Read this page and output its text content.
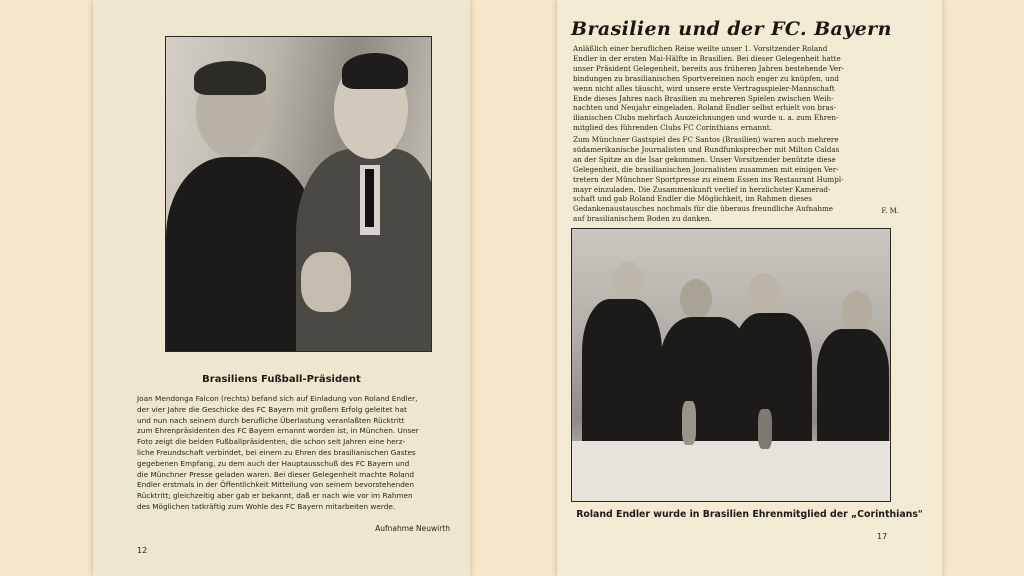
Brasiliens Fußball-Präsident
Joan Mendonga Falcon (rechts) befand sich auf Einladung von Roland Endler,
der vier Jahre die Geschicke des FC Bayern mit großem Erfolg geleitet hat
und nun nach seinem durch berufliche Überlastung veranlaßten Rücktritt
zum Ehrenpräsidenten des FC Bayern ernannt worden ist, in München. Unser
Foto zeigt die beiden Fußballpräsidenten, die schon seit Jahren eine herz-
liche Freundschaft verbindet, bei einem zu Ehren des brasilianischen Gastes
gegebenen Empfang, zu dem auch der Hauptausschuß des FC Bayern und
die Münchner Presse geladen waren. Bei dieser Gelegenheit machte Roland
Endler erstmals in der Öffentlichkeit Mitteilung von seinem bevorstehenden
Rücktritt; gleichzeitig aber gab er bekannt, daß er nach wie vor im Rahmen
des Möglichen tatkräftig zum Wohle des FC Bayern mitarbeiten werde.
Aufnahme Neuwirth
12
Brasilien und der FC. Bayern
Anläßlich einer beruflichen Reise weilte unser 1. Vorsitzender Roland
Endler in der ersten Mai-Hälfte in Brasilien. Bei dieser Gelegenheit hatte
unser Präsident Gelegenheit, bereits aus früheren Jahren bestehende Ver-
bindungen zu brasilianischen Sportvereinen noch enger zu knüpfen, und
wenn nicht alles täuscht, wird unsere erste Vertragsspieler-Mannschaft
Ende dieses Jahres nach Brasilien zu mehreren Spielen zwischen Weih-
nachten und Neujahr eingeladen. Roland Endler selbst erhielt von bras-
ilianischen Clubs mehrfach Auszeichnungen und wurde u. a. zum Ehren-
mitglied des führenden Clubs FC Corinthians ernannt.
Zum Münchner Gastspiel des FC Santos (Brasilien) waren auch mehrere
südamerikanische Journalisten und Rundfunksprecher mit Milton Caldas
an der Spitze an die Isar gekommen. Unser Vorsitzender benützte diese
Gelegenheit, die brasilianischen Journalisten zusammen mit einigen Ver-
tretern der Münchner Sportpresse zu einem Essen ins Restaurant Humpl-
mayr einzuladen. Die Zusammenkunft verlief in herzlichster Kamerad-
schaft und gab Roland Endler die Möglichkeit, im Rahmen dieses
Gedankenaustausches nochmals für die überaus freundliche Aufnahme
auf brasilianischem Boden zu danken.
F. M.
Roland Endler wurde in Brasilien Ehrenmitglied der „Corinthians"
17
